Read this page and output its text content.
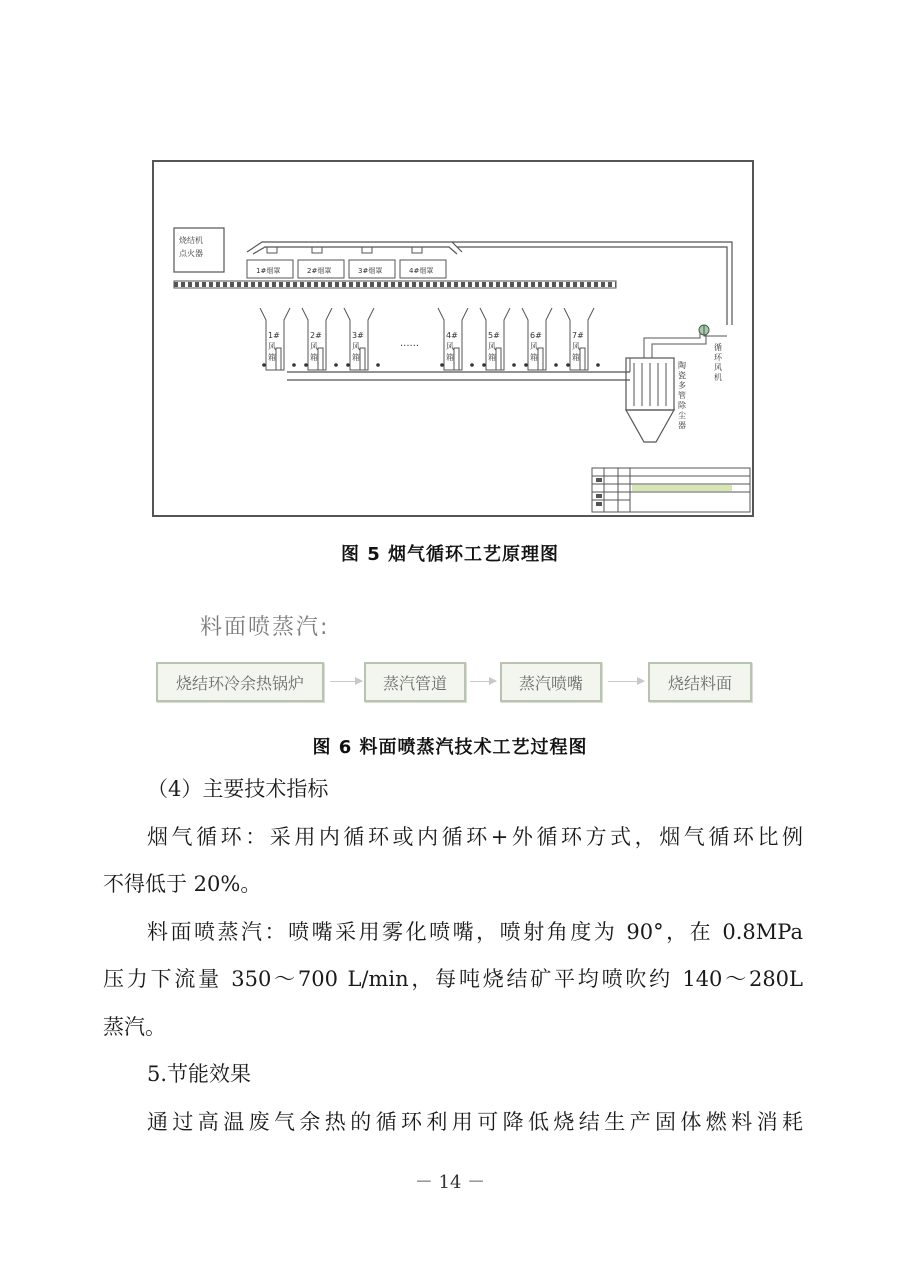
烧结机
点火器
1#烟罩	2#烟罩	3#烟罩	4#烟罩
1#
风
箱
2#
风
箱
3#
风
箱
4#
风
箱
5#
风
箱
6#
风
箱
7#
风
箱
......
陶
瓷
多
管
除
尘
器
循
环
风
机
图 5 烟气循环工艺原理图
料面喷蒸汽:
烧结环冷余热锅炉	蒸汽管道	蒸汽喷嘴	烧结料面
图 6 料面喷蒸汽技术工艺过程图
（4）主要技术指标
烟气循环：采用内循环或内循环+外循环方式，烟气循环比例
不得低于 20%。
料面喷蒸汽：喷嘴采用雾化喷嘴，喷射角度为 90°，在 0.8MPa
压力下流量 350～700 L/min，每吨烧结矿平均喷吹约 140～280L
蒸汽。
5.节能效果
通过高温废气余热的循环利用可降低烧结生产固体燃料消耗
－ 14 －
